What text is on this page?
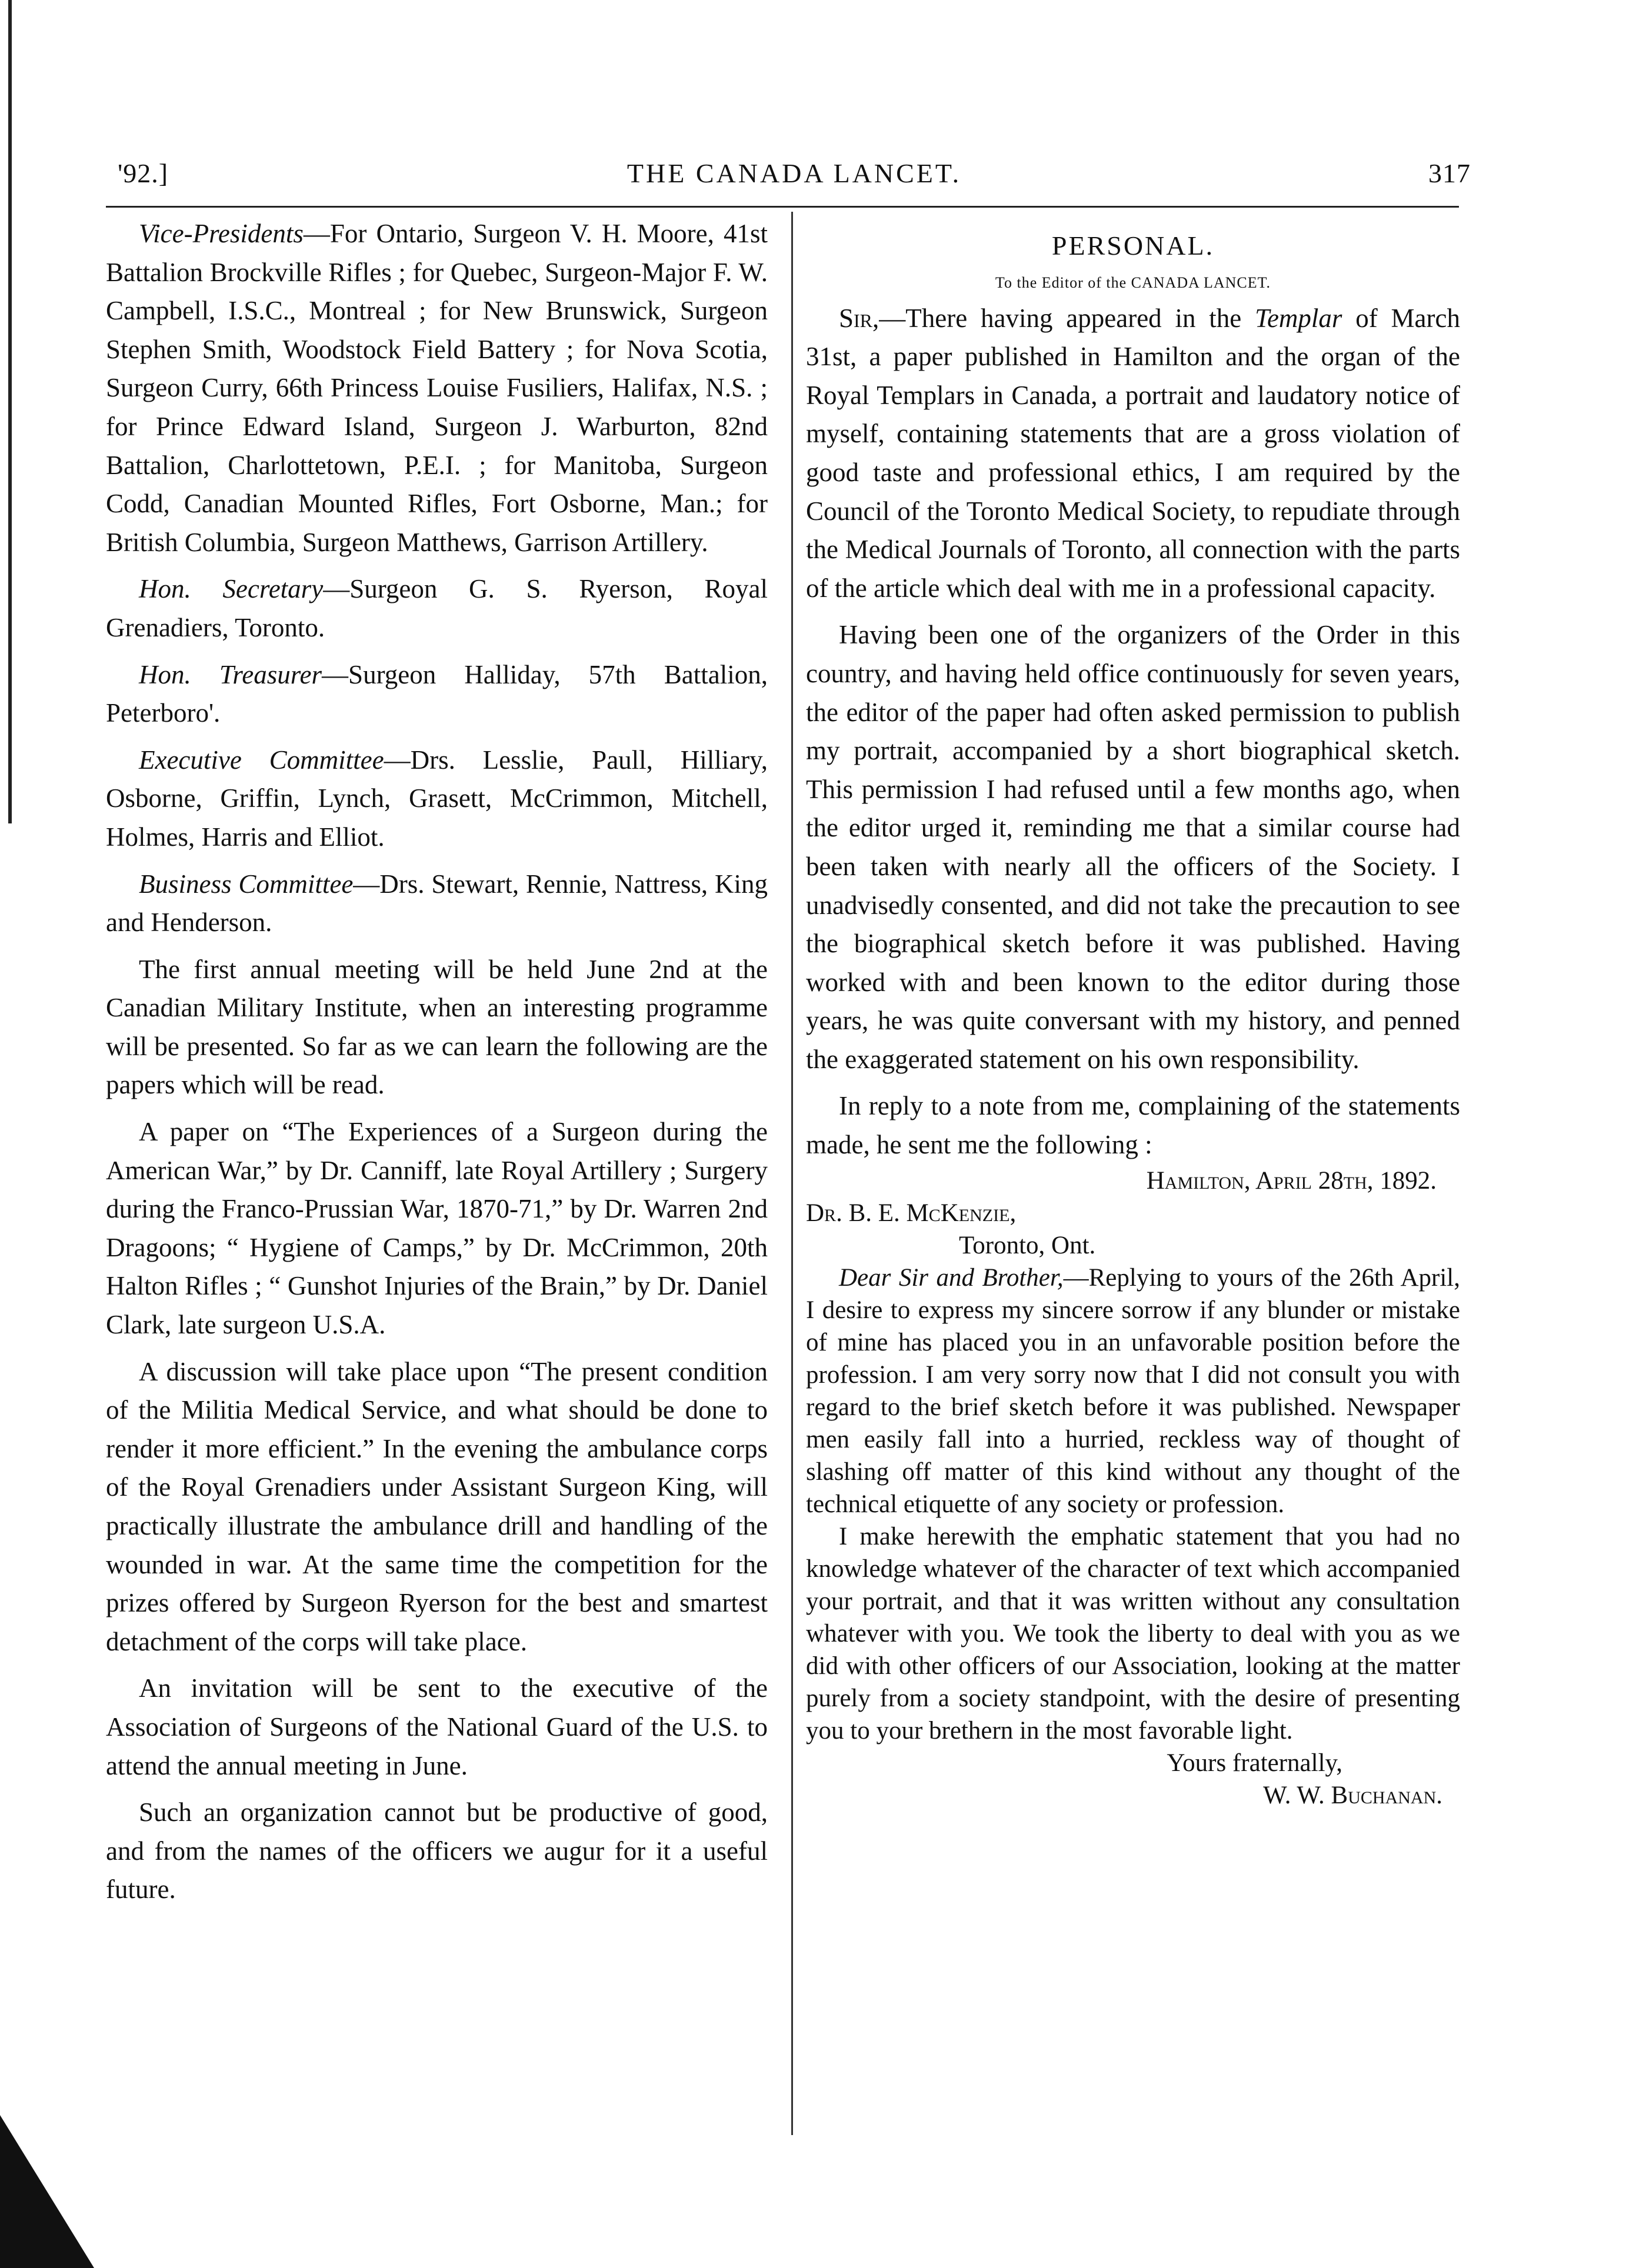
'92.]	THE CANADA LANCET.	317

Vice-Presidents—For Ontario, Surgeon V. H. Moore, 41st Battalion Brockville Rifles ; for Quebec, Surgeon-Major F. W. Campbell, I.S.C., Montreal ; for New Brunswick, Surgeon Stephen Smith, Woodstock Field Battery ; for Nova Scotia, Surgeon Curry, 66th Princess Louise Fusiliers, Halifax, N.S. ; for Prince Edward Island, Surgeon J. Warburton, 82nd Battalion, Charlottetown, P.E.I. ; for Manitoba, Surgeon Codd, Canadian Mounted Rifles, Fort Osborne, Man.; for British Columbia, Surgeon Matthews, Garrison Artillery.

Hon. Secretary—Surgeon G. S. Ryerson, Royal Grenadiers, Toronto.

Hon. Treasurer—Surgeon Halliday, 57th Battalion, Peterboro'.

Executive Committee—Drs. Lesslie, Paull, Hilliary, Osborne, Griffin, Lynch, Grasett, McCrimmon, Mitchell, Holmes, Harris and Elliot.

Business Committee—Drs. Stewart, Rennie, Nattress, King and Henderson.

The first annual meeting will be held June 2nd at the Canadian Military Institute, when an interesting programme will be presented. So far as we can learn the following are the papers which will be read.

A paper on “The Experiences of a Surgeon during the American War,” by Dr. Canniff, late Royal Artillery ; Surgery during the Franco-Prussian War, 1870-71,” by Dr. Warren 2nd Dragoons; “ Hygiene of Camps,” by Dr. McCrimmon, 20th Halton Rifles ; “ Gunshot Injuries of the Brain,” by Dr. Daniel Clark, late surgeon U.S.A.

A discussion will take place upon “The present condition of the Militia Medical Service, and what should be done to render it more efficient.” In the evening the ambulance corps of the Royal Grenadiers under Assistant Surgeon King, will practically illustrate the ambulance drill and handling of the wounded in war. At the same time the competition for the prizes offered by Surgeon Ryerson for the best and smartest detachment of the corps will take place.

An invitation will be sent to the executive of the Association of Surgeons of the National Guard of the U.S. to attend the annual meeting in June.

Such an organization cannot but be productive of good, and from the names of the officers we augur for it a useful future.

PERSONAL.
To the Editor of the CANADA LANCET.

Sir,—There having appeared in the Templar of March 31st, a paper published in Hamilton and the organ of the Royal Templars in Canada, a portrait and laudatory notice of myself, containing statements that are a gross violation of good taste and professional ethics, I am required by the Council of the Toronto Medical Society, to repudiate through the Medical Journals of Toronto, all connection with the parts of the article which deal with me in a professional capacity.

Having been one of the organizers of the Order in this country, and having held office continuously for seven years, the editor of the paper had often asked permission to publish my portrait, accompanied by a short biographical sketch. This permission I had refused until a few months ago, when the editor urged it, reminding me that a similar course had been taken with nearly all the officers of the Society. I unadvisedly consented, and did not take the precaution to see the biographical sketch before it was published. Having worked with and been known to the editor during those years, he was quite conversant with my history, and penned the exaggerated statement on his own responsibility.

In reply to a note from me, complaining of the statements made, he sent me the following :

Hamilton, April 28th, 1892.

Dr. B. E. McKenzie,

Toronto, Ont.

Dear Sir and Brother,—Replying to yours of the 26th April, I desire to express my sincere sorrow if any blunder or mistake of mine has placed you in an unfavorable position before the profession. I am very sorry now that I did not consult you with regard to the brief sketch before it was published. Newspaper men easily fall into a hurried, reckless way of thought of slashing off matter of this kind without any thought of the technical etiquette of any society or profession.

I make herewith the emphatic statement that you had no knowledge whatever of the character of text which accompanied your portrait, and that it was written without any consultation whatever with you. We took the liberty to deal with you as we did with other officers of our Association, looking at the matter purely from a society standpoint, with the desire of presenting you to your brethern in the most favorable light.

Yours fraternally,

W. W. Buchanan.
